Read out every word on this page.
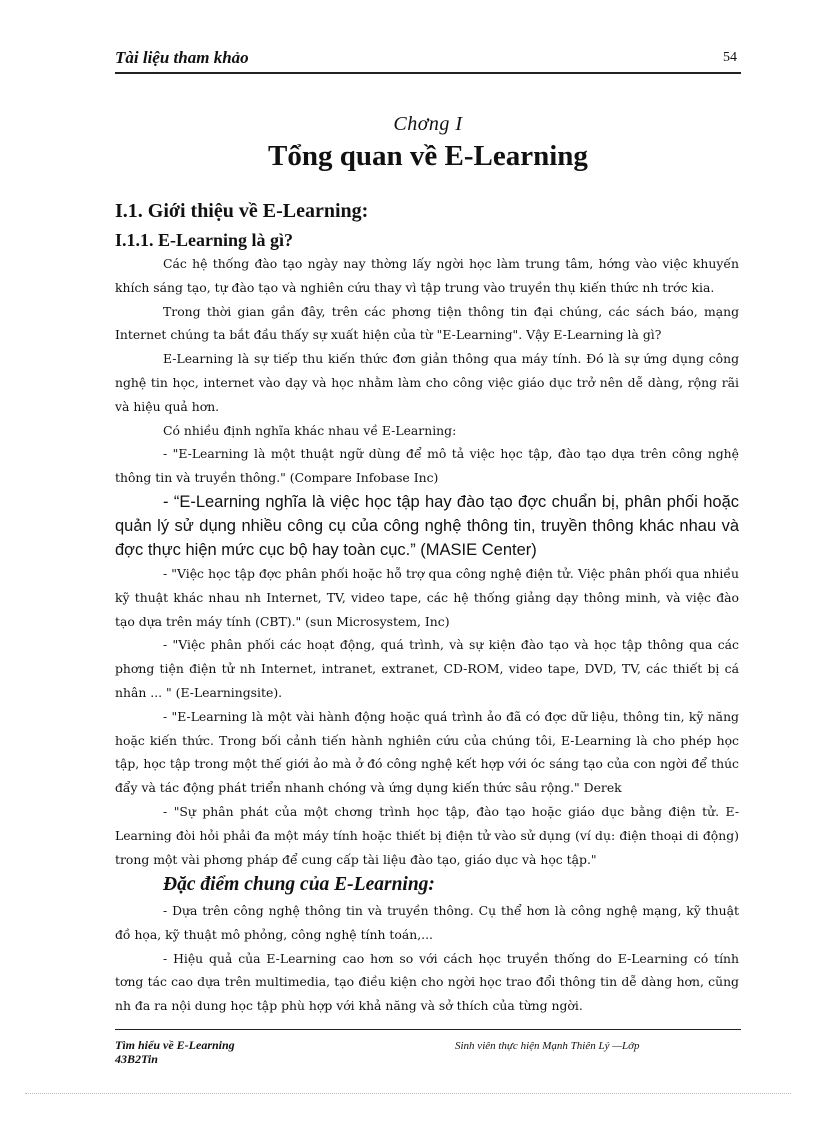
Tài liệu tham khảo	54
Chơng I
Tổng quan về E-Learning
I.1. Giới thiệu về E-Learning:
I.1.1. E-Learning là gì?

Các hệ thống đào tạo ngày nay thờng lấy ngời học làm trung tâm, hớng vào việc khuyến khích sáng tạo, tự đào tạo và nghiên cứu thay vì tập trung vào truyền thụ kiến thức nh trớc kia.

Trong thời gian gần đây, trên các phơng tiện thông tin đại chúng, các sách báo, mạng Internet chúng ta bắt đầu thấy sự xuất hiện của từ "E-Learning". Vậy E-Learning là gì?

E-Learning là sự tiếp thu kiến thức đơn giản thông qua máy tính. Đó là sự ứng dụng công nghệ tin học, internet vào dạy và học nhằm làm cho công việc giáo dục trở nên dễ dàng, rộng rãi và hiệu quả hơn.

Có nhiều định nghĩa khác nhau về E-Learning:

- "E-Learning là một thuật ngữ dùng để mô tả việc học tập, đào tạo dựa trên công nghệ thông tin và truyền thông." (Compare Infobase Inc)

- “E-Learning nghĩa là việc học tập hay đào tạo đợc chuẩn bị, phân phối hoặc quản lý sử dụng nhiều công cụ của công nghệ thông tin, truyền thông khác nhau và đợc thực hiện mức cục bộ hay toàn cục.” (MASIE Center)

- "Việc học tập đợc phân phối hoặc hỗ trợ qua công nghệ điện tử. Việc phân phối qua nhiều kỹ thuật khác nhau nh Internet, TV, video tape, các hệ thống giảng dạy thông minh, và việc đào tạo dựa trên máy tính (CBT)." (sun Microsystem, Inc)

- "Việc phân phối các hoạt động, quá trình, và sự kiện đào tạo và học tập thông qua các phơng tiện điện tử nh Internet, intranet, extranet, CD-ROM, video tape, DVD, TV, các thiết bị cá nhân ... " (E-Learningsite).

- "E-Learning là một vài hành động hoặc quá trình ảo đã có đợc dữ liệu, thông tin, kỹ năng hoặc kiến thức. Trong bối cảnh tiến hành nghiên cứu của chúng tôi, E-Learning là cho phép học tập, học tập trong một thế giới ảo mà ở đó công nghệ kết hợp với óc sáng tạo của con ngời để thúc đẩy và tác động phát triển nhanh chóng và ứng dụng kiến thức sâu rộng." Derek

- "Sự phân phát của một chơng trình học tập, đào tạo hoặc giáo dục bằng điện tử. E-Learning đòi hỏi phải đa một máy tính hoặc thiết bị điện tử vào sử dụng (ví dụ: điện thoại di động) trong một vài phơng pháp để cung cấp tài liệu đào tạo, giáo dục và học tập."

Đặc điểm chung của E-Learning:

- Dựa trên công nghệ thông tin và truyền thông. Cụ thể hơn là công nghệ mạng, kỹ thuật đồ họa, kỹ thuật mô phỏng, công nghệ tính toán,...

- Hiệu quả của E-Learning cao hơn so với cách học truyền thống do E-Learning có tính tơng tác cao dựa trên multimedia, tạo điều kiện cho ngời học trao đổi thông tin dễ dàng hơn, cũng nh đa ra nội dung học tập phù hợp với khả năng và sở thích của từng ngời.

Tìm hiểu về E-Learning
43B2Tin
Sinh viên thực hiện Mạnh Thiên Lý —Lớp
